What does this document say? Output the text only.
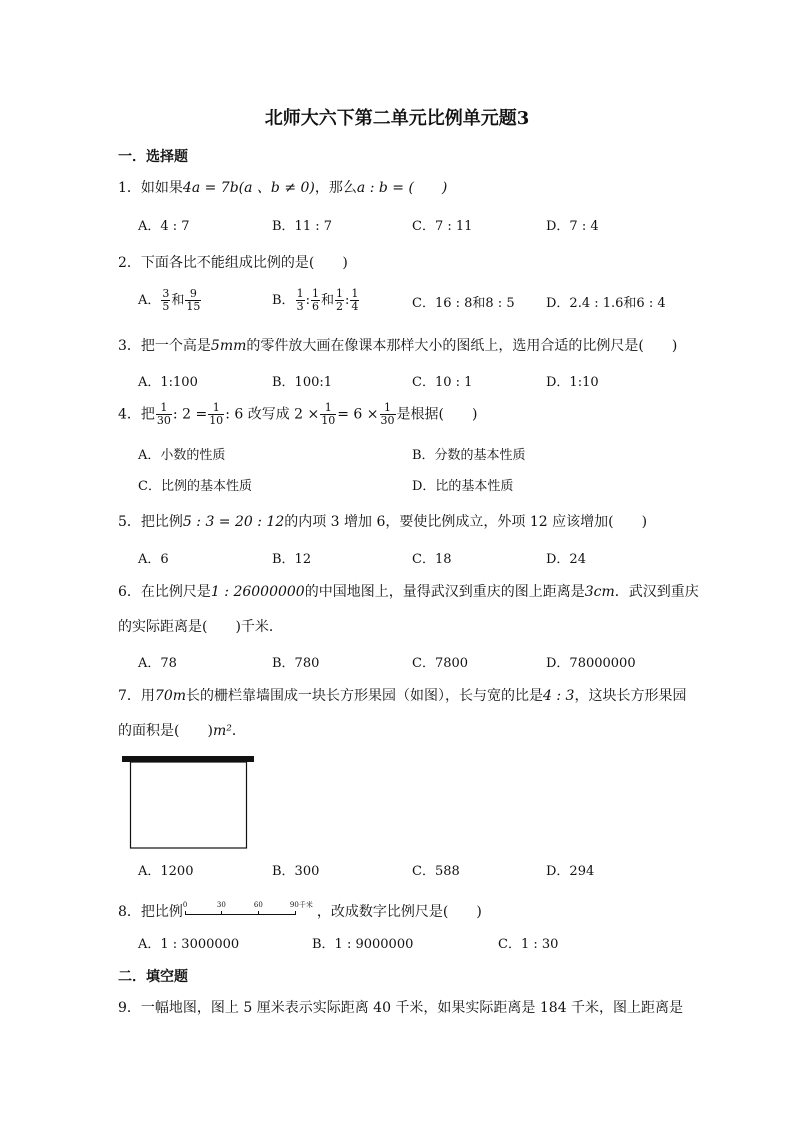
北师大六下第二单元比例单元题3
一．选择题
1．如如果4a = 7b(a 、b ≠ 0)，那么a : b = (　　)
A．4 : 7	B．11 : 7	C．7 : 11	D．7 : 4
2．下面各比不能组成比例的是(　　)
A． $\frac{3}{5}$ 和 $\frac{9}{15}$	B． $\frac{1}{3}$ : $\frac{1}{6}$ 和 $\frac{1}{2}$ : $\frac{1}{4}$	C．16 : 8和8 : 5 D．2.4 : 1.6和6 : 4
3．把一个高是5mm的零件放大画在像课本那样大小的图纸上，选用合适的比例尺是(　　)
A．1:100	B．100:1	C．10 : 1	D．1:10
4．把 $\frac{1}{30}$ : $2 = \frac{1}{10}$ : 6 改写成 $2 \times \frac{1}{10} = 6 \times \frac{1}{30}$ 是根据(　　)
A．小数的性质	B．分数的基本性质
C．比例的基本性质	D．比的基本性质
5．把比例5 : 3 = 20 : 12的内项 3 增加 6，要使比例成立，外项 12 应该增加(　　)
A．6	B．12	C．18	D．24
6．在比例尺是1 : 26000000的中国地图上，量得武汉到重庆的图上距离是3cm．武汉到重庆
的实际距离是(　　)千米．
A．78	B．780	C．7800	D．78000000
7．用70m长的栅栏靠墙围成一块长方形果园（如图），长与宽的比是4 : 3，这块长方形果园
的面积是(　　)m²．
A．1200	B．300	C．588	D．294
8．把比例 0	30	60	90千米 ，改成数字比例尺是(　　)
A．1 : 3000000	B．1 : 9000000	C．1 : 30
二．填空题
9．一幅地图，图上 5 厘米表示实际距离 40 千米，如果实际距离是 184 千米，图上距离是
